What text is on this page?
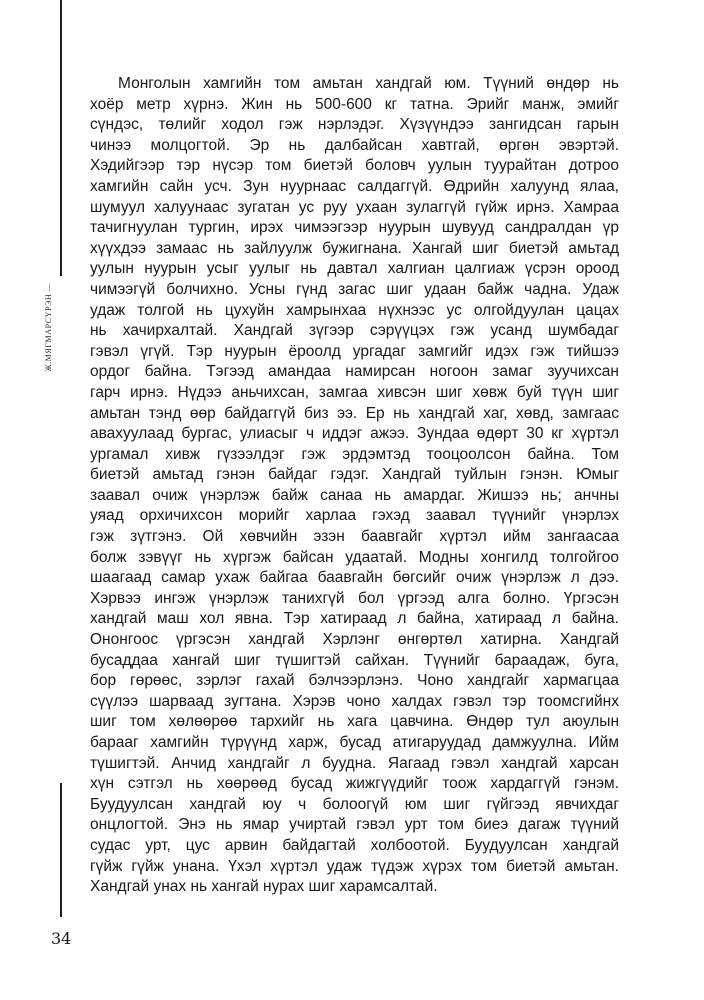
Ж.МЯГМАРСҮРЭН—
34
Монголын хамгийн том амьтан хандгай юм. Түүний өндөр нь
хоёр метр хүрнэ. Жин нь 500-600 кг татна. Эрийг манж, эмийг
сүндэс, төлийг ходол гэж нэрлэдэг. Хүзүүндээ зангидсан гарын
чинээ молцогтой. Эр нь далбайсан хавтгай, өргөн эвэртэй.
Хэдийгээр тэр нүсэр том биетэй боловч уулын туурайтан дотроо
хамгийн сайн усч. Зун нуурнаас салдаггүй. Өдрийн халуунд ялаа,
шумуул халуунаас зугатан ус руу ухаан зулаггүй гүйж ирнэ. Хамраа
тачигнуулан тургин, ирэх чимээгээр нуурын шувууд сандралдан үр
хүүхдээ замаас нь зайлуулж бужигнана. Хангай шиг биетэй амьтад
уулын нуурын усыг уулыг нь давтал халгиан цалгиаж үсрэн ороод
чимээгүй болчихно. Усны гүнд загас шиг удаан байж чадна. Удаж
удаж толгой нь цухуйн хамрынхаа нүхнээс ус олгойдуулан цацах
нь хачирхалтай. Хандгай зүгээр сэрүүцэх гэж усанд шумбадаг
гэвэл үгүй. Тэр нуурын ёроолд ургадаг замгийг идэх гэж тийшээ
ордог байна. Тэгээд амандаа намирсан ногоон замаг зуучихсан
гарч ирнэ. Нүдээ аньчихсан, замгаа хивсэн шиг хөвж буй түүн шиг
амьтан тэнд өөр байдаггүй биз ээ. Ер нь хандгай хаг, хөвд, замгаас
авахуулаад бургас, улиасыг ч иддэг ажээ. Зундаа өдөрт 30 кг хүртэл
ургамал хивж гүзээлдэг гэж эрдэмтэд тооцоолсон байна. Том
биетэй амьтад гэнэн байдаг гэдэг. Хандгай туйлын гэнэн. Юмыг
заавал очиж үнэрлэж байж санаа нь амардаг. Жишээ нь; анчны
уяад орхичихсон морийг харлаа гэхэд заавал түүнийг үнэрлэх
гэж зүтгэнэ. Ой хөвчийн эзэн баавгайг хүртэл ийм зангаасаа
болж зэвүүг нь хүргэж байсан удаатай. Модны хонгилд толгойгоо
шаагаад самар ухаж байгаа баавгайн бөгсийг очиж үнэрлэж л дээ.
Хэрвээ ингэж үнэрлэж танихгүй бол үргээд алга болно. Үргэсэн
хандгай маш хол явна. Тэр хатираад л байна, хатираад л байна.
Ононгоос үргэсэн хандгай Хэрлэнг өнгөртөл хатирна. Хандгай
бусаддаа хангай шиг түшигтэй сайхан. Түүнийг бараадаж, буга,
бор гөрөөс, зэрлэг гахай бэлчээрлэнэ. Чоно хандгайг хармагцаа
сүүлээ шарваад зугтана. Хэрэв чоно халдах гэвэл тэр тоомсгийнх
шиг том хөлөөрөө тархийг нь хага цавчина. Өндөр тул аюулын
барааг хамгийн түрүүнд харж, бусад атигаруудад дамжуулна. Ийм
түшигтэй. Анчид хандгайг л буудна. Яагаад гэвэл хандгай харсан
хүн сэтгэл нь хөөрөөд бусад жижгүүдийг тоож хардаггүй гэнэм.
Буудуулсан хандгай юу ч болоогүй юм шиг гүйгээд явчихдаг
онцлогтой. Энэ нь ямар учиртай гэвэл урт том биеэ дагаж түүний
судас урт, цус арвин байдагтай холбоотой. Буудуулсан хандгай
гүйж гүйж унана. Үхэл хүртэл удаж түдэж хүрэх том биетэй амьтан.
Хандгай унах нь хангай нурах шиг харамсалтай.
